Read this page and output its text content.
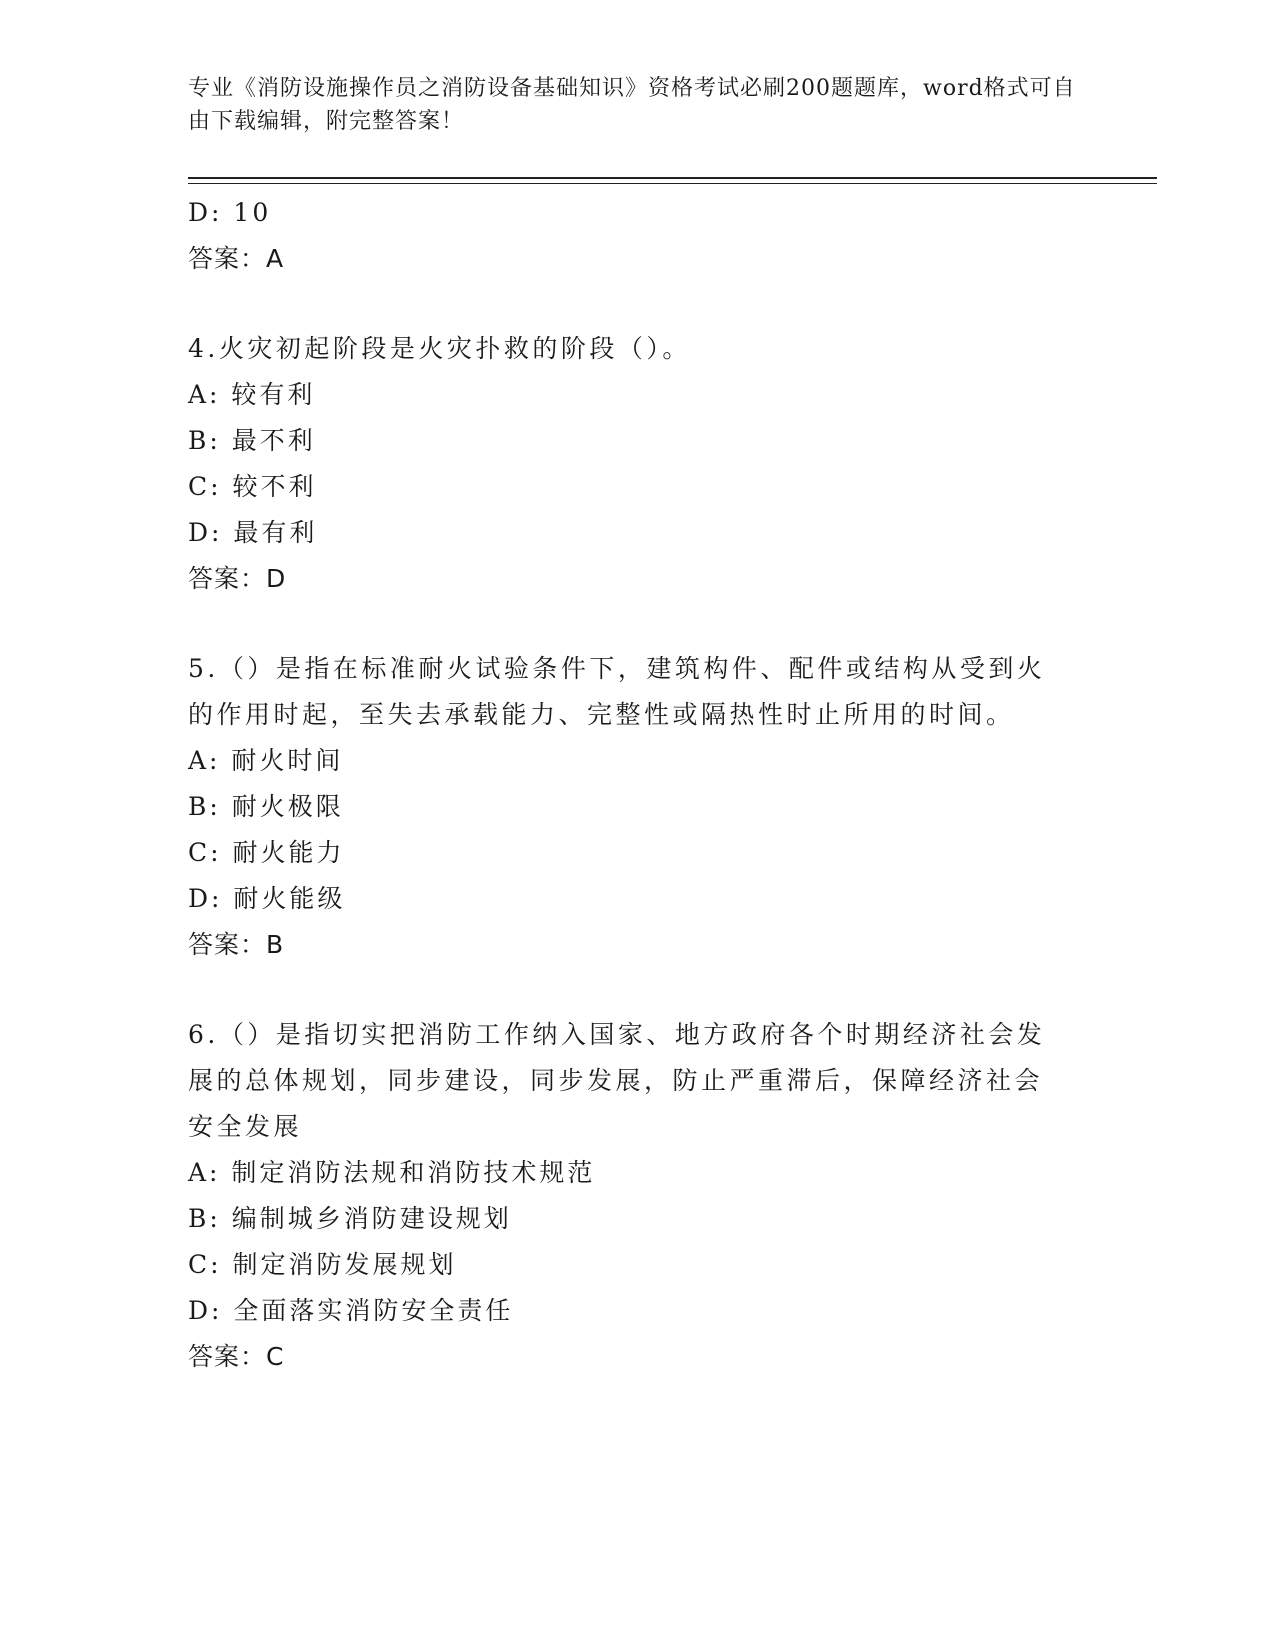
专业《消防设施操作员之消防设备基础知识》资格考试必刷200题题库，word格式可自由下载编辑，附完整答案！
D: 10
答案：A
4.火灾初起阶段是火灾扑救的阶段（）。
A: 较有利
B: 最不利
C: 较不利
D: 最有利
答案：D
5.（）是指在标准耐火试验条件下，建筑构件、配件或结构从受到火的作用时起，至失去承载能力、完整性或隔热性时止所用的时间。
A: 耐火时间
B: 耐火极限
C: 耐火能力
D: 耐火能级
答案：B
6.（）是指切实把消防工作纳入国家、地方政府各个时期经济社会发展的总体规划，同步建设，同步发展，防止严重滞后，保障经济社会安全发展
A: 制定消防法规和消防技术规范
B: 编制城乡消防建设规划
C: 制定消防发展规划
D: 全面落实消防安全责任
答案：C
